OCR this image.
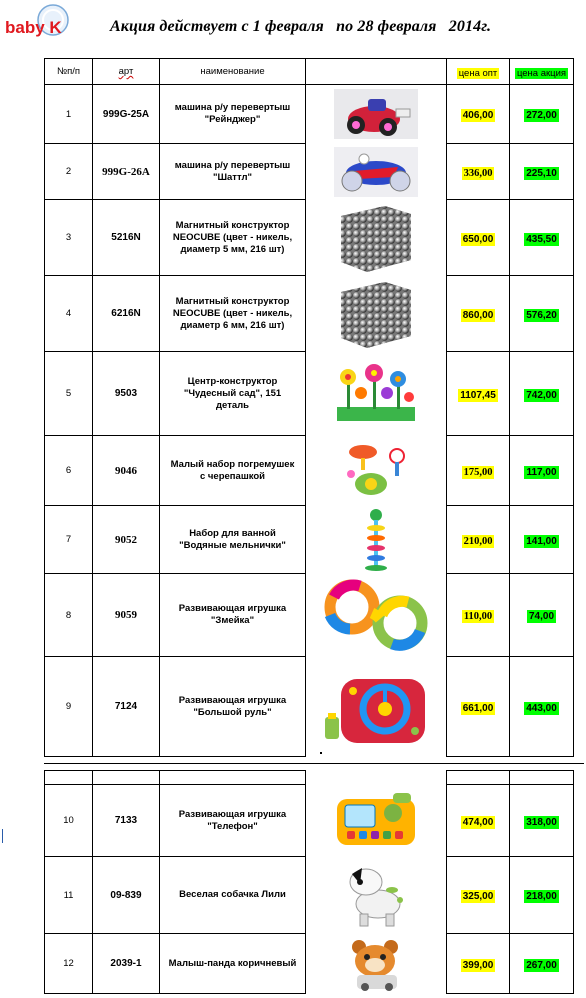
baby K	Акция действует с 1 февраля   по 28 февраля   2014г.
№п/п	арт	наименование		цена опт	цена акция
1	999G-25A	машина р/у перевертыш
"Рейнджер"		406,00	272,00
2	999G-26A	машина р/у перевертыш
"Шаттл"		336,00	225,10
3	5216N	Магнитный конструктор
NEOCUBE (цвет - никель,
диаметр 5 мм, 216 шт)		650,00	435,50
4	6216N	Магнитный конструктор
NEOCUBE (цвет - никель,
диаметр 6 мм, 216 шт)		860,00	576,20
5	9503	Центр-конструктор
"Чудесный сад", 151
деталь		1107,45	742,00
6	9046	Малый набор погремушек
с черепашкой		175,00	117,00
7	9052	Набор для ванной
"Водяные мельнички"		210,00	141,00
8	9059	Развивающая игрушка
"Змейка"		110,00	74,00
9	7124	Развивающая игрушка
"Большой руль"		661,00	443,00

10	7133	Развивающая игрушка
"Телефон"		474,00	318,00
11	09-839	Веселая собачка Лили		325,00	218,00
12	2039-1	Малыш-панда коричневый		399,00	267,00
